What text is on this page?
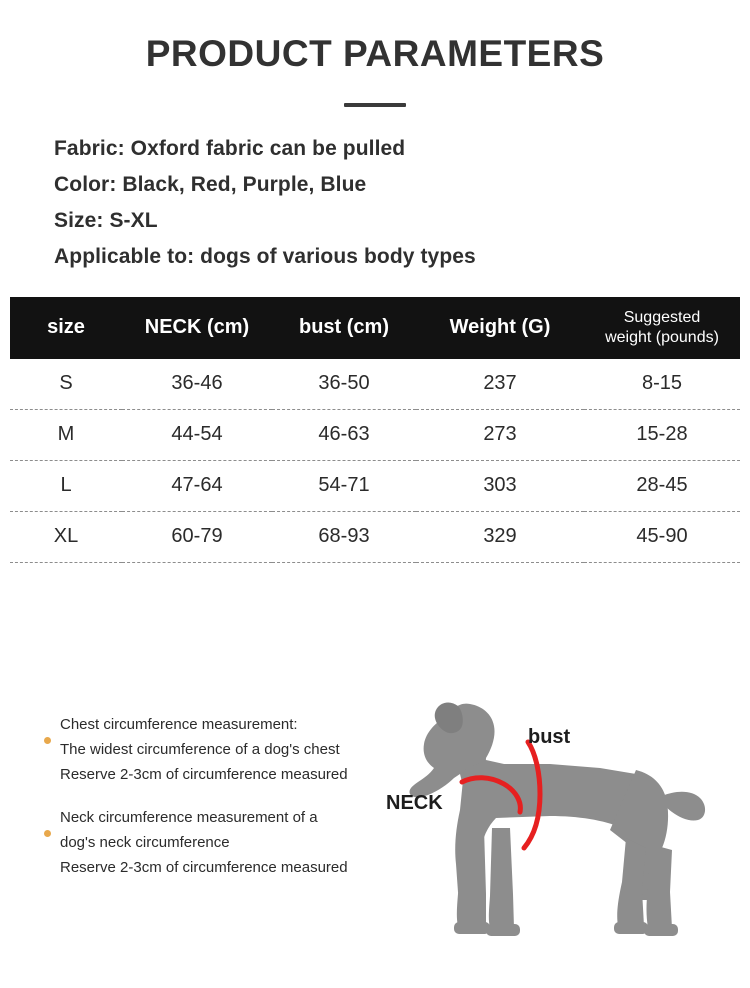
PRODUCT PARAMETERS
Fabric: Oxford fabric can be pulled
Color: Black, Red, Purple, Blue
Size: S-XL
Applicable to: dogs of various body types
size	NECK (cm)	bust (cm)	Weight (G)	Suggested
weight (pounds)

S	36-46	36-50	237	8-15
M	44-54	46-63	273	15-28
L	47-64	54-71	303	28-45
XL	60-79	68-93	329	45-90
Chest circumference measurement:
The widest circumference of a dog's chest
Reserve 2-3cm of circumference measured
Neck circumference measurement of a
dog's neck circumference
Reserve 2-3cm of circumference measured
bust
NECK
